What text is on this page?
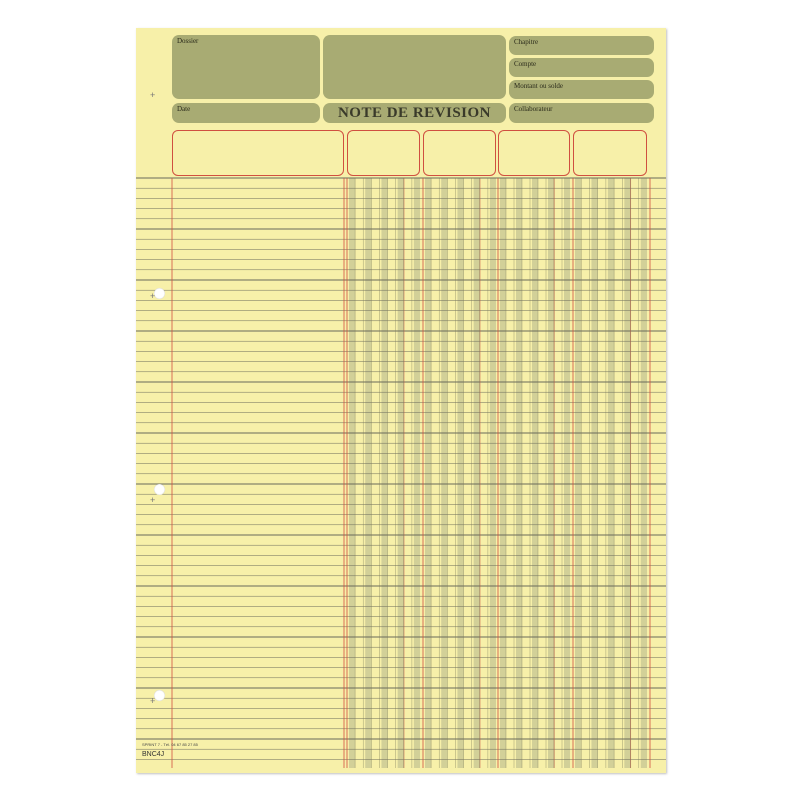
Dossier	Chapitre
Compte
Montant ou solde
Date	NOTE DE REVISION	Collaborateur
+
+
+
+
SPRINT 7 - Tél. 04 67 85 27 85
BNC4J
